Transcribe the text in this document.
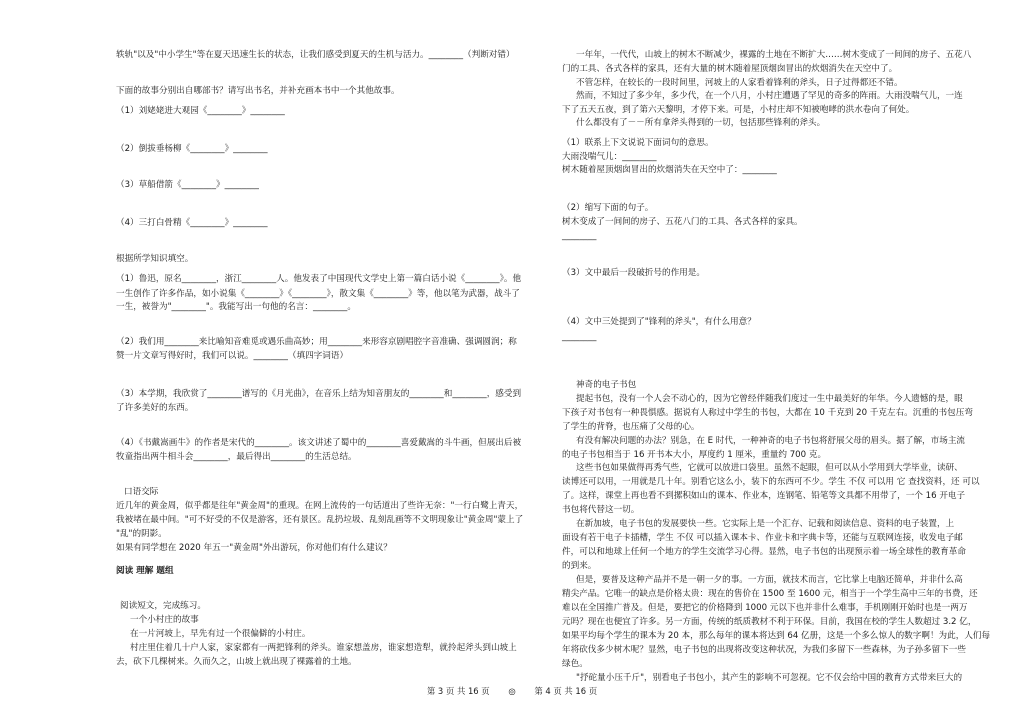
轶轨"以及"中小学生"等在夏天迅速生长的状态，让我们感受到夏天的生机与活力。________（判断对错）
下面的故事分别出自哪部书？请写出书名，并补充画本书中一个其他故事。
（1）刘姥姥进大观园《________》________
（2）倒拔垂杨柳《________》________
（3）草船借箭《________》________
（4）三打白骨精《________》________
根据所学知识填空。
（1）鲁迅，原名________，浙江________人。他发表了中国现代文学史上第一篇白话小说《________》。他
一生创作了许多作品，如小说集《________》《________》，散文集《________》等，他以笔为武器，战斗了
一生，被誉为"________"。我能写出一句他的名言：________。
（2）我们用________来比喻知音难觅或遇乐曲高妙；用________来形容京剧唱腔字音准确、强调圆润；称
赞一片文章写得好时，我们可以说。________（填四字词语）
（3）本学期，我欣赏了________谱写的《月光曲》，在音乐上结为知音朋友的________和________，感受到
了许多美好的东西。
（4）《书戴嵩画牛》的作者是宋代的________。该文讲述了蜀中的________喜爱戴嵩的斗牛画，但展出后被
牧童指出两牛相斗会________，最后得出________的生活总结。
口语交际
近几年的黄金周，似乎都是往年"黄金周"的重现。在网上流传的一句话道出了些许无奈："一行白鹭上青天，
我被堵在最中间。"可不好受的不仅是游客，还有景区。乱扔垃圾、乱刻乱画等不文明现象让"黄金周"蒙上了
"乱"的阴影。
如果有同学想在 2020 年五一"黄金周"外出游玩，你对他们有什么建议？
阅读 理解 题组
阅读短文，完成练习。
一个小村庄的故事
在一片河坡上，早先有过一个很偏僻的小村庄。
村庄里住着几十户人家，家家都有一两把锋利的斧头。谁家想盖房，谁家想造犁，就拎起斧头到山坡上
去，砍下几棵树来。久而久之，山坡上就出现了裸露着的土地。
一年年，一代代，山坡上的树木不断减少，裸露的土地在不断扩大……树木变成了一间间的房子、五花八
门的工具、各式各样的家具，还有大量的树木随着屋顶烟囱冒出的炊烟消失在天空中了。
不管怎样，在较长的一段时间里，河坡上的人家看着锋利的斧头，日子过得都还不错。
然而，不知过了多少年，多少代，在一个八月，小村庄遭遇了罕见的奇多的阵雨。大雨没喘气儿，一连
下了五天五夜，到了第六天黎明，才停下来。可是，小村庄却不知被咆哮的洪水卷向了何处。
什么都没有了－－所有拿斧头得到的一切，包括那些锋利的斧头。
（1）联系上下文说说下面词句的意思。
大雨没喘气儿：________
树木随着屋顶烟囱冒出的炊烟消失在天空中了：________
（2）缩写下面的句子。
树木变成了一间间的房子、五花八门的工具、各式各样的家具。
________
（3）文中最后一段破折号的作用是。
（4）文中三处提到了"锋利的斧头"，有什么用意？
________
神奇的电子书包
提起书包，没有一个人会不动心的，因为它曾经伴随我们度过一生中最美好的年华。今人遗憾的是，眼
下孩子对书包有一种畏惧感。据说有人称过中学生的书包，大都在 10 千克到 20 千克左右。沉重的书包压弯
了学生的背脊，也压痛了父母的心。
有没有解决问题的办法？别急，在 E 时代，一种神奇的电子书包将舒展父母的眉头。据了解，市场主流
的电子书包相当于 16 开书本大小，厚度约 1 厘米，重量约 700 克。
这些书包如果做得再秀气些，它就可以放进口袋里。虽然不起眼，但可以从小学用到大学毕业，读研、
读博还可以用，一用就是几十年。别看它这么小，装下的东西可不少。学生 不仅 可以用 它 查找资料，还 可以
了。这样，课堂上再也看不到摞积如山的课本、作业本，连钢笔、铅笔等文具都不用带了，一个 16 开电子
书包将代替这一切。
在新加坡，电子书包的发展要快一些。它实际上是一个汇存、记载和阅读信息、资料的电子装置，上
面设有若干电子卡插槽，学生 不仅 可以插入课本卡、作业卡和字典卡等，还能与互联网连接，收发电子邮
件，可以和地球上任何一个地方的学生交流学习心得。显然，电子书包的出现预示着一场全球性的教育革命
的到来。
但是，要普及这种产品并不是一朝一夕的事。一方面，就技术而言，它比掌上电脑还简单，并非什么高
精尖产品。它唯一的缺点是价格太贵：现在的售价在 1500 至 1600 元，相当于一个学生高中三年的书费，还
难以在全国推广普及。但是，要把它的价格降到 1000 元以下也并非什么难事，手机刚刚开始时也是一两万
元吗？现在也便宜了许多。另一方面，传统的纸质教材不利于环保。目前，我国在校的学生人数超过 3.2 亿，
如果平均每个学生的课本为 20 本，那么每年的课本将达到 64 亿册，这是一个多么惊人的数字啊！为此，人们每
年将砍伐多少树木呢？显然，电子书包的出现将改变这种状况，为我们多留下一些森林，为子孙多留下一些
绿色。
"抒砣量小压千斤"，别看电子书包小，其产生的影响不可忽视。它不仅会给中国的教育方式带来巨大的
第 3 页 共 16 页 ◎ 第 4 页 共 16 页
